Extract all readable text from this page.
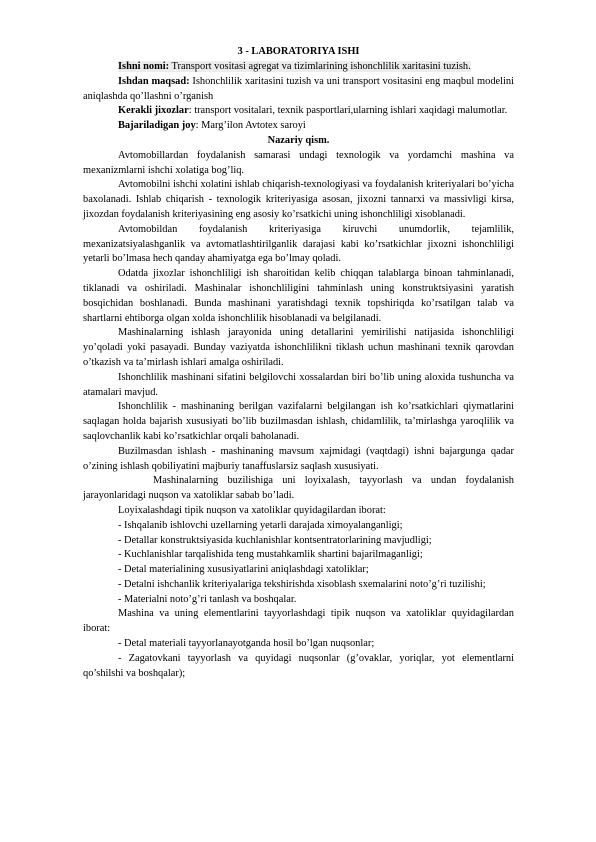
3 - LABORATORIYA ISHI

Ishni nomi: Transport vositasi agregat va tizimlarining ishonchlilik xaritasini tuzish.

Ishdan maqsad: Ishonchlilik xaritasini tuzish va uni transport vositasini eng maqbul modelini aniqlashda qo’llashni o’rganish

Kerakli jixozlar: transport vositalari, texnik pasportlari,ularning ishlari xaqidagi malumotlar.

Bajariladigan joy: Marg’ilon Avtotex saroyi

Nazariy qism.

Avtomobillardan foydalanish samarasi undagi texnologik va yordamchi mashina va mexanizmlarni ishchi xolatiga bog’liq.

Avtomobilni ishchi xolatini ishlab chiqarish-texnologiyasi va foydalanish kriteriyalari bo’yicha baxolanadi. Ishlab chiqarish - texnologik kriteriyasiga asosan, jixozni tannarxi va massivligi kirsa, jixozdan foydalanish kriteriyasining eng asosiy ko’rsatkichi uning ishonchliligi xisoblanadi.

Avtomobildan foydalanish kriteriyasiga kiruvchi unumdorlik, tejamlilik, mexanizatsiyalashganlik va avtomatlashtirilganlik darajasi kabi ko’rsatkichlar jixozni ishonchliligi yetarli bo’lmasa hech qanday ahamiyatga ega bo’lmay qoladi.

Odatda jixozlar ishonchliligi ish sharoitidan kelib chiqqan talablarga binoan tahminlanadi, tiklanadi va oshiriladi. Mashinalar ishonchliligini tahminlash uning konstruktsiyasini yaratish bosqichidan boshlanadi. Bunda mashinani yaratishdagi texnik topshiriqda ko’rsatilgan talab va shartlarni ehtiborga olgan xolda ishonchlilik hisoblanadi va belgilanadi.

Mashinalarning ishlash jarayonida uning detallarini yemirilishi natijasida ishonchliligi yo’qoladi yoki pasayadi. Bunday vaziyatda ishonchlilikni tiklash uchun mashinani texnik qarovdan o’tkazish va ta’mirlash ishlari amalga oshiriladi.

Ishonchlilik mashinani sifatini belgilovchi xossalardan biri bo’lib uning aloxida tushuncha va atamalari mavjud.

Ishonchlilik - mashinaning berilgan vazifalarni belgilangan ish ko’rsatkichlari qiymatlarini saqlagan holda bajarish xususiyati bo’lib buzilmasdan ishlash, chidamlilik, ta’mirlashga yaroqlilik va saqlovchanlik kabi ko’rsatkichlar orqali baholanadi.

Buzilmasdan ishlash - mashinaning mavsum xajmidagi (vaqtdagi) ishni bajargunga qadar o’zining ishlash qobiliyatini majburiy tanaffuslarsiz saqlash xususiyati.

Mashinalarning buzilishiga uni loyixalash, tayyorlash va undan foydalanish jarayonlaridagi nuqson va xatoliklar sabab bo’ladi.

Loyixalashdagi tipik nuqson va xatoliklar quyidagilardan iborat:

- Ishqalanib ishlovchi uzellarning yetarli darajada ximoyalanganligi;

- Detallar konstruktsiyasida kuchlanishlar kontsentratorlarining mavjudligi;

- Kuchlanishlar tarqalishida teng mustahkamlik shartini bajarilmaganligi;

- Detal materialining xususiyatlarini aniqlashdagi xatoliklar;

- Detalni ishchanlik kriteriyalariga tekshirishda xisoblash sxemalarini noto’g’ri tuzilishi;

- Materialni noto’g’ri tanlash va boshqalar.

Mashina va uning elementlarini tayyorlashdagi tipik nuqson va xatoliklar quyidagilardan iborat:

- Detal materiali tayyorlanayotganda hosil bo’lgan nuqsonlar;

- Zagatovkani tayyorlash va quyidagi nuqsonlar (g’ovaklar, yoriqlar, yot elementlarni qo’shilshi va boshqalar);
